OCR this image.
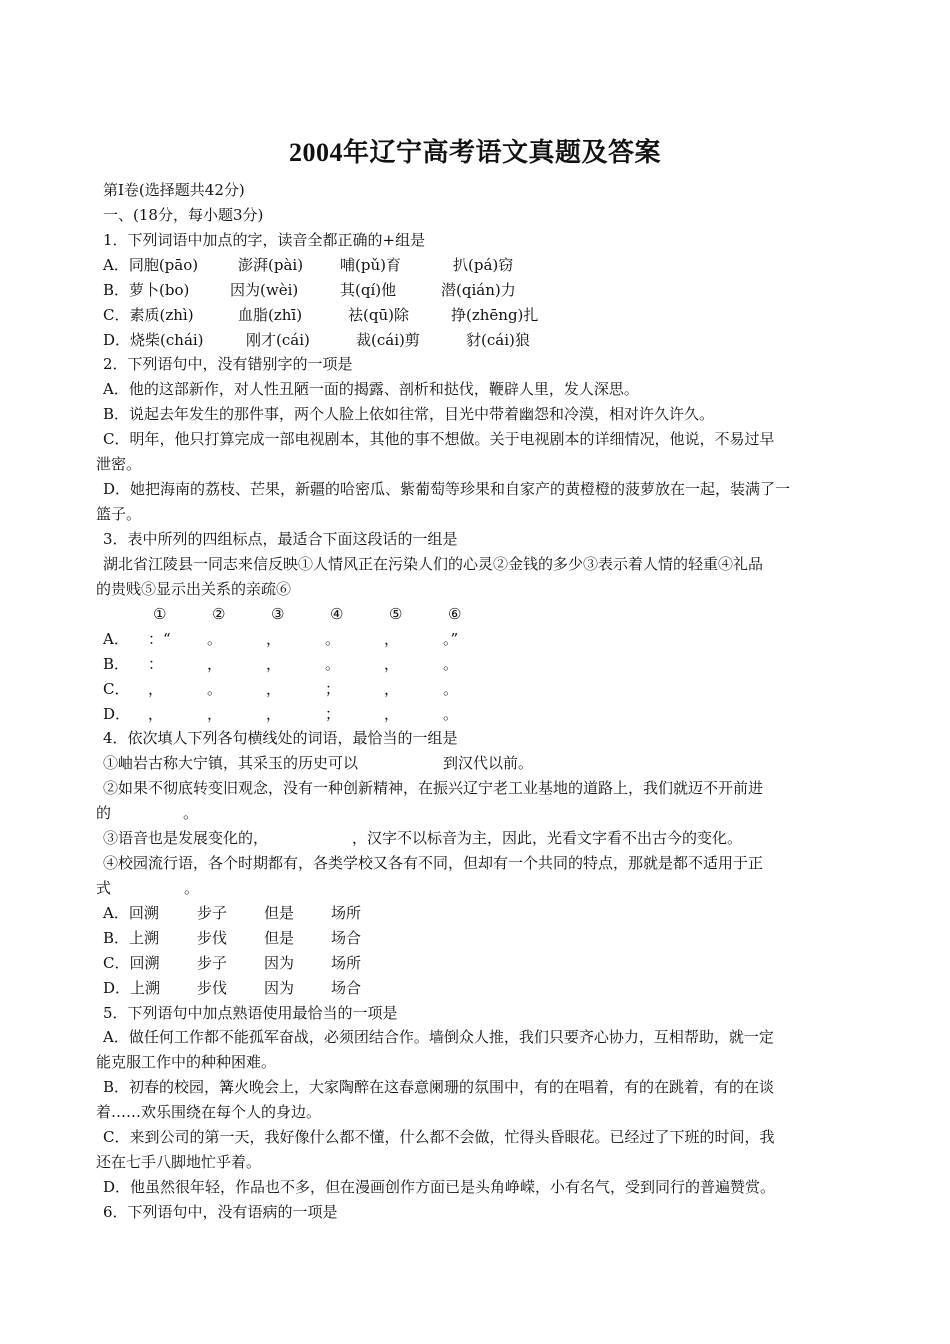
2004年辽宁高考语文真题及答案
第Ⅰ卷(选择题共42分)
一、(18分，每小题3分)
1．下列词语中加点的字，读音全都正确的+组是
A．同胞(pāo)	澎湃(pài)	哺(pǔ)育	扒(pá)窃
B．萝卜(bo)	因为(wèi)	其(qí)他	潜(qián)力
C．素质(zhì)	血脂(zhī)	祛(qū)除	挣(zhēng)扎
D．烧柴(chái)	刚才(cái)	裁(cái)剪	豺(cái)狼
2．下列语句中，没有错别字的一项是
A．他的这部新作，对人性丑陋一面的揭露、剖析和挞伐，鞭辟人里，发人深思。
B．说起去年发生的那件事，两个人脸上依如往常，目光中带着幽怨和冷漠，相对许久许久。
C．明年，他只打算完成一部电视剧本，其他的事不想做。关于电视剧本的详细情况，他说，不易过早
泄密。
D．她把海南的荔枝、芒果，新疆的哈密瓜、紫葡萄等珍果和自家产的黄橙橙的菠萝放在一起，装满了一
篮子。
3．表中所列的四组标点，最适合下面这段话的一组是
湖北省江陵县一同志来信反映①人情风正在污染人们的心灵②金钱的多少③表示着人情的轻重④礼品
的贵贱⑤显示出关系的亲疏⑥
①	②	③	④	⑤	⑥
A．	：“	。	，	。	，	。”
B．	：	，	，	。	，	。
C．	，	。	，	；	，	。
D．	，	，	，	；	，	。
4．依次填人下列各句横线处的词语，最恰当的一组是
①岫岩古称大宁镇，其采玉的历史可以	到汉代以前。
②如果不彻底转变旧观念，没有一种创新精神，在振兴辽宁老工业基地的道路上，我们就迈不开前进
的	。
③语音也是发展变化的，	，汉字不以标音为主，因此，光看文字看不出古今的变化。
④校园流行语，各个时期都有，各类学校又各有不同，但却有一个共同的特点，那就是都不适用于正
式	。
A．回溯	步子	但是	场所
B．上溯	步伐	但是	场合
C．回溯	步子	因为	场所
D．上溯	步伐	因为	场合
5．下列语句中加点熟语使用最恰当的一项是
A．做任何工作都不能孤军奋战，必须团结合作。墙倒众人推，我们只要齐心协力，互相帮助，就一定
能克服工作中的种种困难。
B．初春的校园，篝火晚会上，大家陶醉在这春意阑珊的氛围中，有的在唱着，有的在跳着，有的在谈
着……欢乐围绕在每个人的身边。
C．来到公司的第一天，我好像什么都不懂，什么都不会做，忙得头昏眼花。已经过了下班的时间，我
还在七手八脚地忙乎着。
D．他虽然很年轻，作品也不多，但在漫画创作方面已是头角峥嵘，小有名气，受到同行的普遍赞赏。
6．下列语句中，没有语病的一项是
